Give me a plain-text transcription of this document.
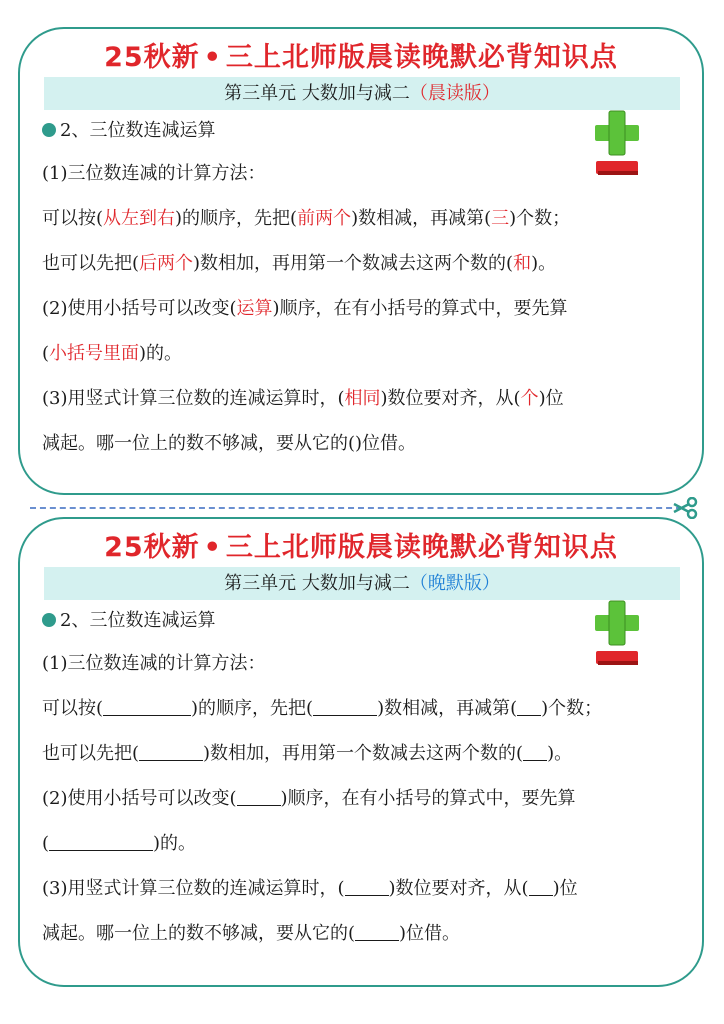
25秋新 • 三上北师版晨读晚默必背知识点
第三单元 大数加与减二（晨读版）
2、三位数连减运算
(1)三位数连减的计算方法：
可以按(从左到右)的顺序，先把(前两个)数相减，再减第(三)个数；
也可以先把(后两个)数相加，再用第一个数减去这两个数的(和)。
(2)使用小括号可以改变(运算)顺序，在有小括号的算式中，要先算
(小括号里面)的。
(3)用竖式计算三位数的连减运算时，(相同)数位要对齐，从(个)位
减起。哪一位上的数不够减，要从它的()位借。
25秋新 • 三上北师版晨读晚默必背知识点
第三单元 大数加与减二（晚默版）
2、三位数连减运算
(1)三位数连减的计算方法：
可以按(	)的顺序，先把(	)数相减，再减第( )个数；
也可以先把(	)数相加，再用第一个数减去这两个数的( )。
(2)使用小括号可以改变( )顺序，在有小括号的算式中，要先算
(	)的。
(3)用竖式计算三位数的连减运算时，( )数位要对齐，从( )位
减起。哪一位上的数不够减，要从它的( )位借。
